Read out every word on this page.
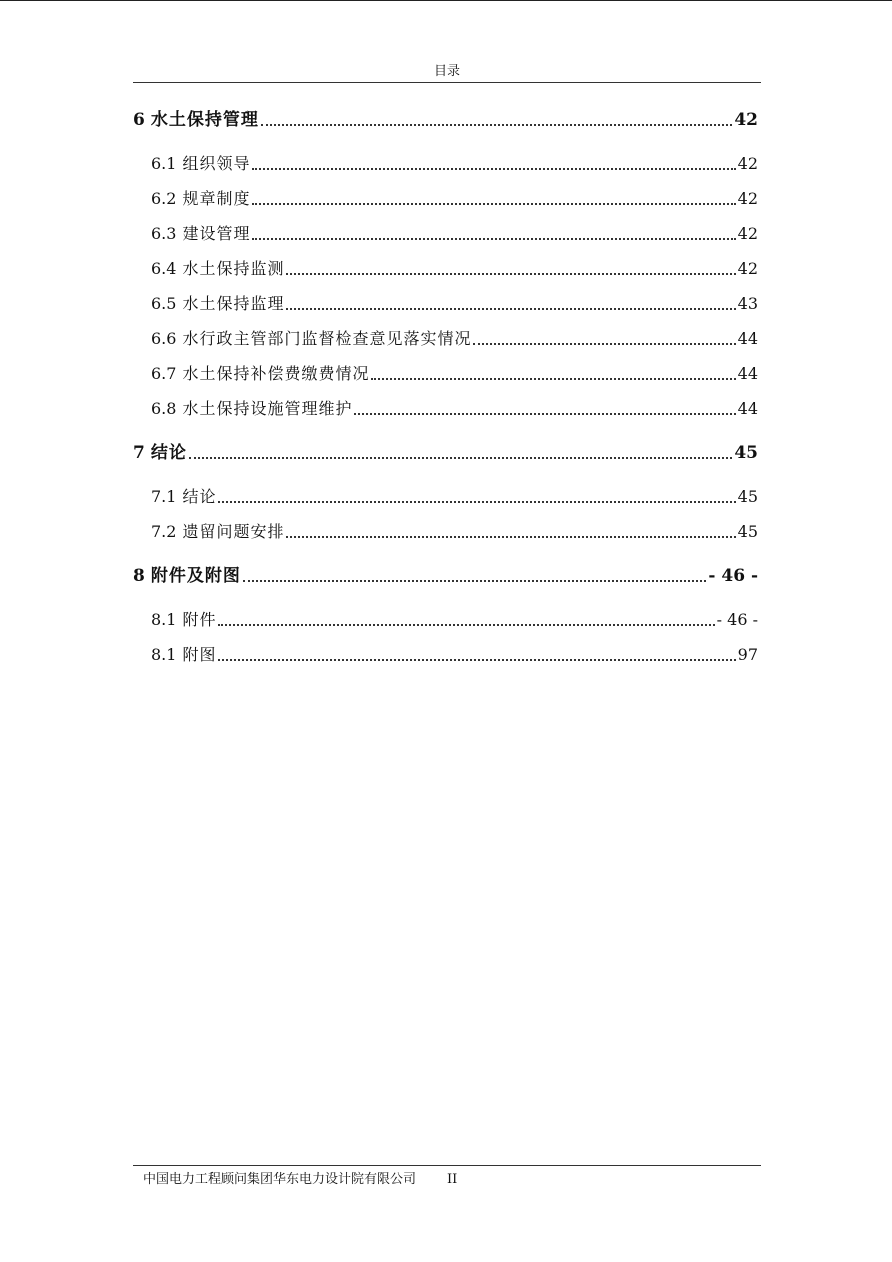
目录
6 水土保持管理	42
6.1 组织领导	42
6.2 规章制度	42
6.3 建设管理	42
6.4 水土保持监测	42
6.5 水土保持监理	43
6.6 水行政主管部门监督检查意见落实情况	44
6.7 水土保持补偿费缴费情况	44
6.8 水土保持设施管理维护	44
7 结论	45
7.1 结论	45
7.2 遗留问题安排	45
8 附件及附图	- 46 -
8.1 附件	- 46 -
8.1 附图	97
中国电力工程顾问集团华东电力设计院有限公司 II
